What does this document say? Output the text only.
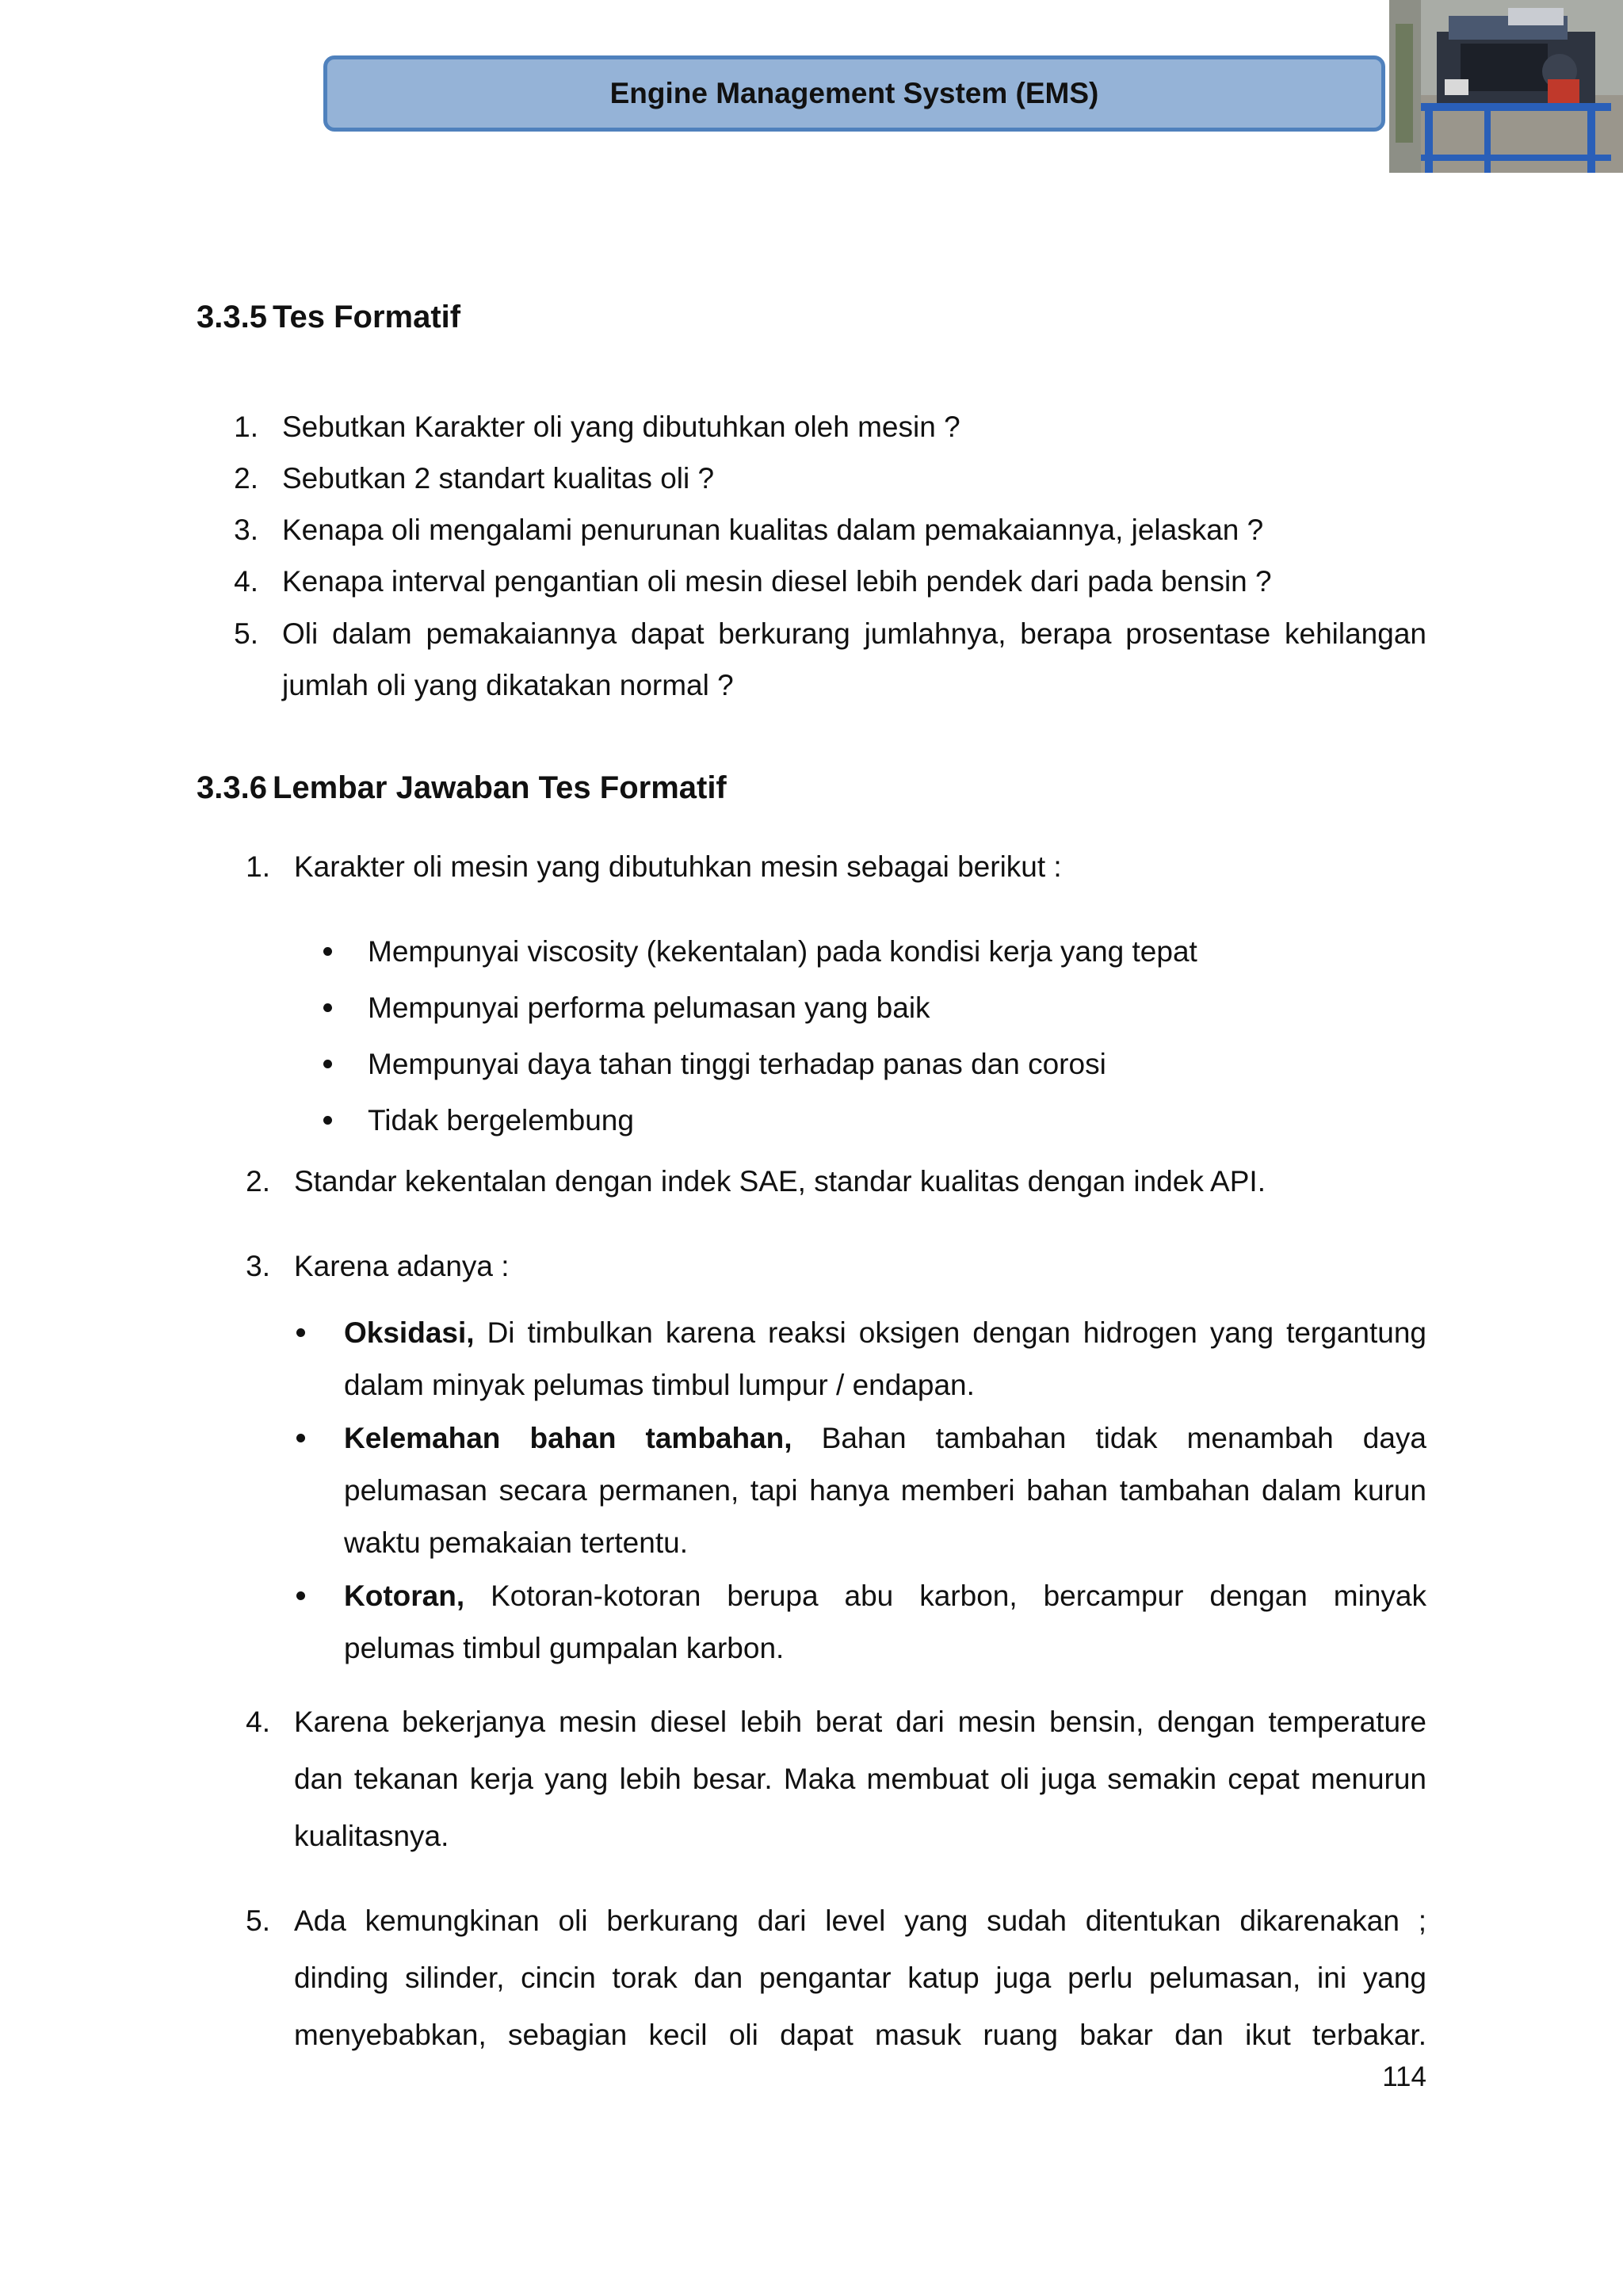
Engine Management System (EMS)
3.3.5 Tes Formatif
1. Sebutkan Karakter oli yang dibutuhkan oleh mesin ?
2. Sebutkan 2 standart kualitas oli ?
3. Kenapa oli mengalami penurunan kualitas dalam pemakaiannya, jelaskan ?
4. Kenapa interval pengantian oli mesin diesel lebih pendek dari pada bensin ?
5. Oli dalam pemakaiannya dapat berkurang jumlahnya, berapa prosentase kehilangan
jumlah oli yang dikatakan normal ?
3.3.6 Lembar Jawaban Tes Formatif
1. Karakter oli mesin yang dibutuhkan mesin sebagai berikut :
Mempunyai viscosity (kekentalan) pada kondisi kerja yang tepat
Mempunyai performa pelumasan yang baik
Mempunyai daya tahan tinggi terhadap panas dan corosi
Tidak bergelembung
2. Standar kekentalan dengan indek SAE, standar kualitas dengan indek API.
3. Karena adanya :
Oksidasi, Di timbulkan karena reaksi oksigen dengan hidrogen yang tergantung
dalam minyak pelumas timbul lumpur / endapan.
Kelemahan bahan tambahan, Bahan tambahan tidak menambah daya
pelumasan secara permanen, tapi hanya memberi bahan tambahan dalam kurun
waktu pemakaian tertentu.
Kotoran, Kotoran-kotoran berupa abu karbon, bercampur dengan minyak
pelumas timbul gumpalan karbon.
4. Karena bekerjanya mesin diesel lebih berat dari mesin bensin, dengan temperature
dan tekanan kerja yang lebih besar. Maka membuat oli juga semakin cepat menurun
kualitasnya.
5. Ada kemungkinan oli berkurang dari level yang sudah ditentukan dikarenakan ;
dinding silinder, cincin torak dan pengantar katup juga perlu pelumasan, ini yang
menyebabkan, sebagian kecil oli dapat masuk ruang bakar dan ikut terbakar.
114
